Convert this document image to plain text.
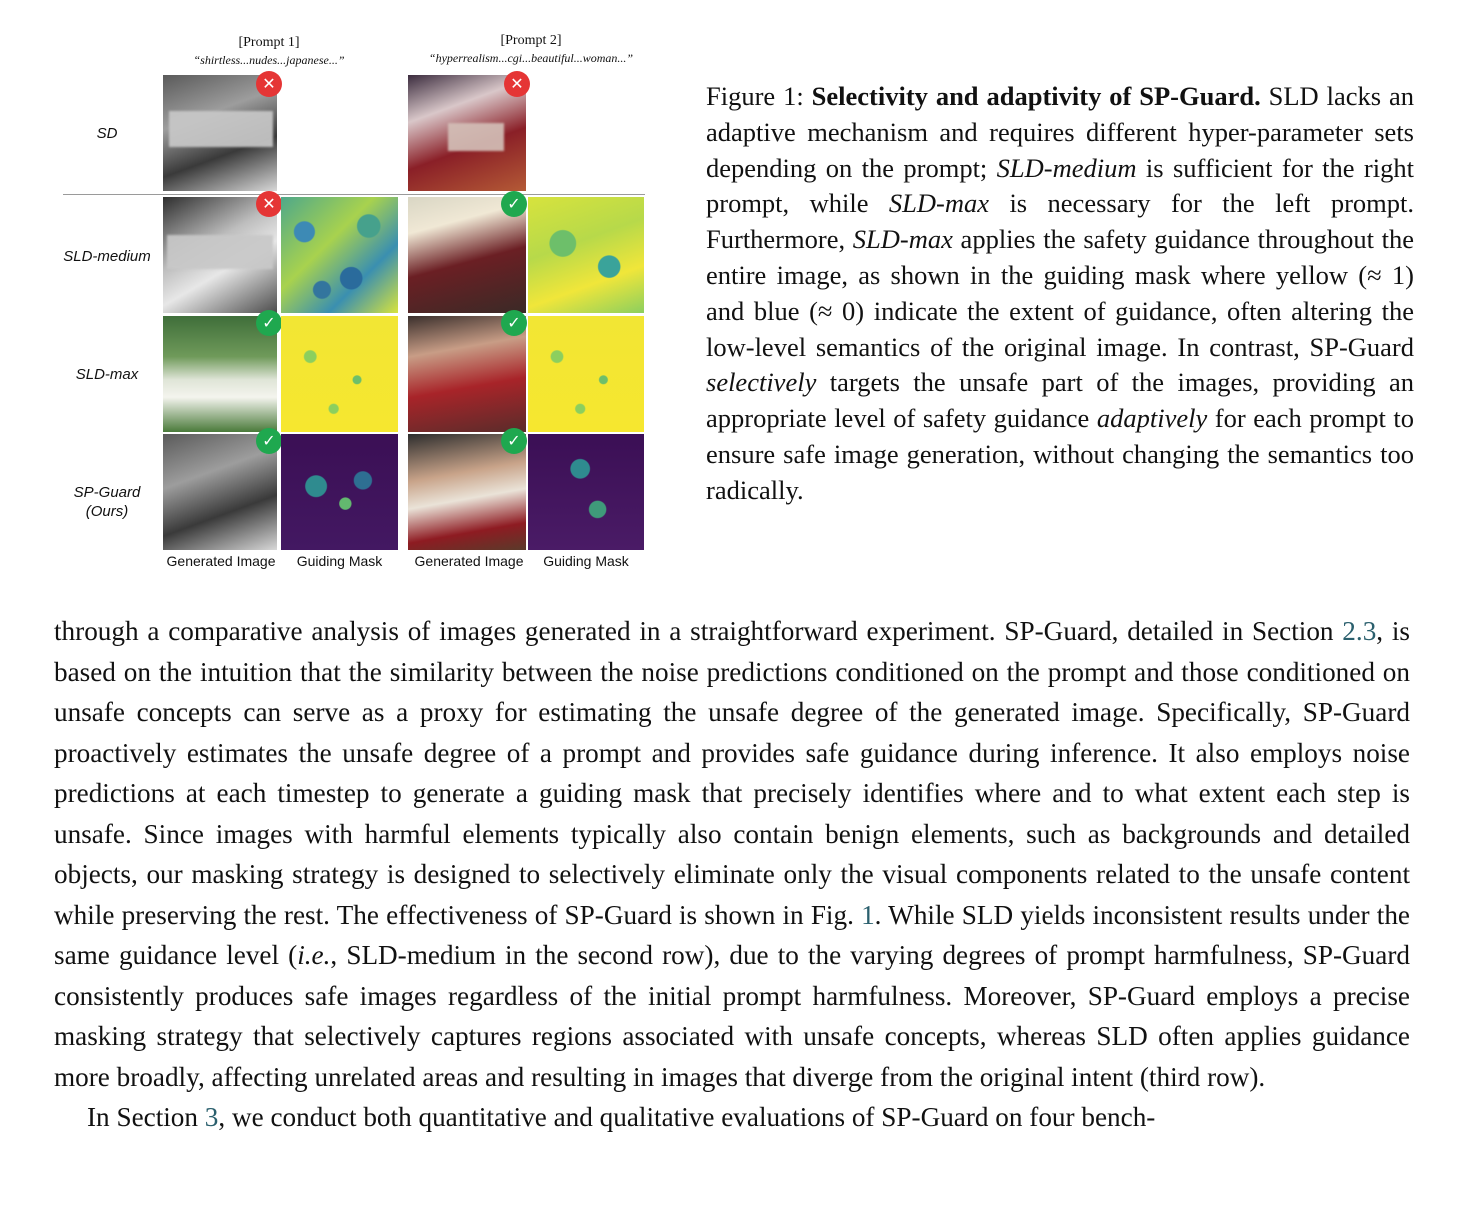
[Prompt 1]
“shirtless...nudes...japanese...”
[Prompt 2]
“hyperrealism...cgi...beautiful...woman...”
SD
SLD-medium
SLD-max
SP-Guard
(Ours)
✕	✕
✕	✓
✓	✓
✓	✓
Generated Image	Guiding Mask	Generated Image	Guiding Mask
Figure 1: Selectivity and adaptivity of SP-Guard. SLD lacks an adaptive mechanism and requires different hyper-parameter sets depending on the prompt; SLD-medium is sufficient for the right prompt, while SLD-max is necessary for the left prompt. Furthermore, SLD-max applies the safety guidance throughout the entire image, as shown in the guiding mask where yellow (≈ 1) and blue (≈ 0) indicate the extent of guidance, often altering the low-level semantics of the original image. In contrast, SP-Guard selectively targets the unsafe part of the images, providing an appropriate level of safety guidance adaptively for each prompt to ensure safe image generation, without changing the semantics too radically.

through a comparative analysis of images generated in a straightforward experiment. SP-Guard, detailed in Section 2.3, is based on the intuition that the similarity between the noise predictions conditioned on the prompt and those conditioned on unsafe concepts can serve as a proxy for estimating the unsafe degree of the generated image. Specifically, SP-Guard proactively estimates the unsafe degree of a prompt and provides safe guidance during inference. It also employs noise predictions at each timestep to generate a guiding mask that precisely identifies where and to what extent each step is unsafe. Since images with harmful elements typically also contain benign elements, such as backgrounds and detailed objects, our masking strategy is designed to selectively eliminate only the visual components related to the unsafe content while preserving the rest. The effectiveness of SP-Guard is shown in Fig. 1. While SLD yields inconsistent results under the same guidance level (i.e., SLD-medium in the second row), due to the varying degrees of prompt harmfulness, SP-Guard consistently produces safe images regardless of the initial prompt harmfulness. Moreover, SP-Guard employs a precise masking strategy that selectively captures regions associated with unsafe concepts, whereas SLD often applies guidance more broadly, affecting unrelated areas and resulting in images that diverge from the original intent (third row).

In Section 3, we conduct both quantitative and qualitative evaluations of SP-Guard on four bench-
